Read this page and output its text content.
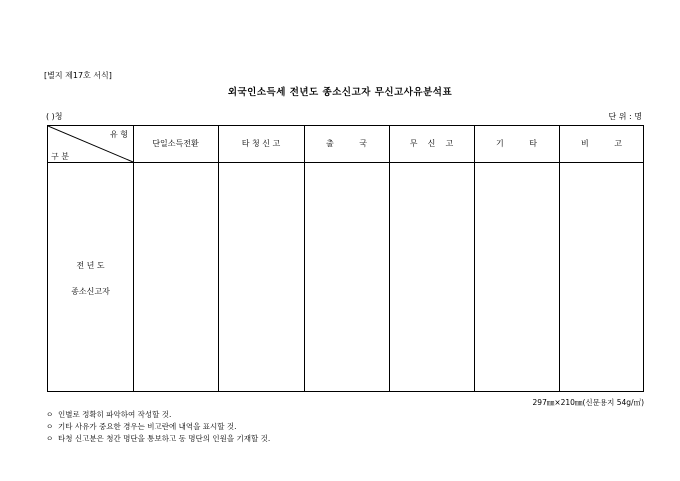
[별지 제17호 서식]
외국인소득세 전년도 종소신고자 무신고사유분석표
( )청	단 위 : 명
유 형
구 분
단일소득전환	타 청 신 고	출          국	무    신    고	기          타	비          고
전 년 도
종소신고자
297㎜×210㎜(신문용지 54g/㎡)
ㅇ  인별로 정확히 파악하여 작성할 것.
ㅇ  기타 사유가 중요한 경우는 비고란에 내역을 표시할 것.
ㅇ  타청 신고분은 청간 명단을 통보하고 동 명단의 인원을 기재할 것.
